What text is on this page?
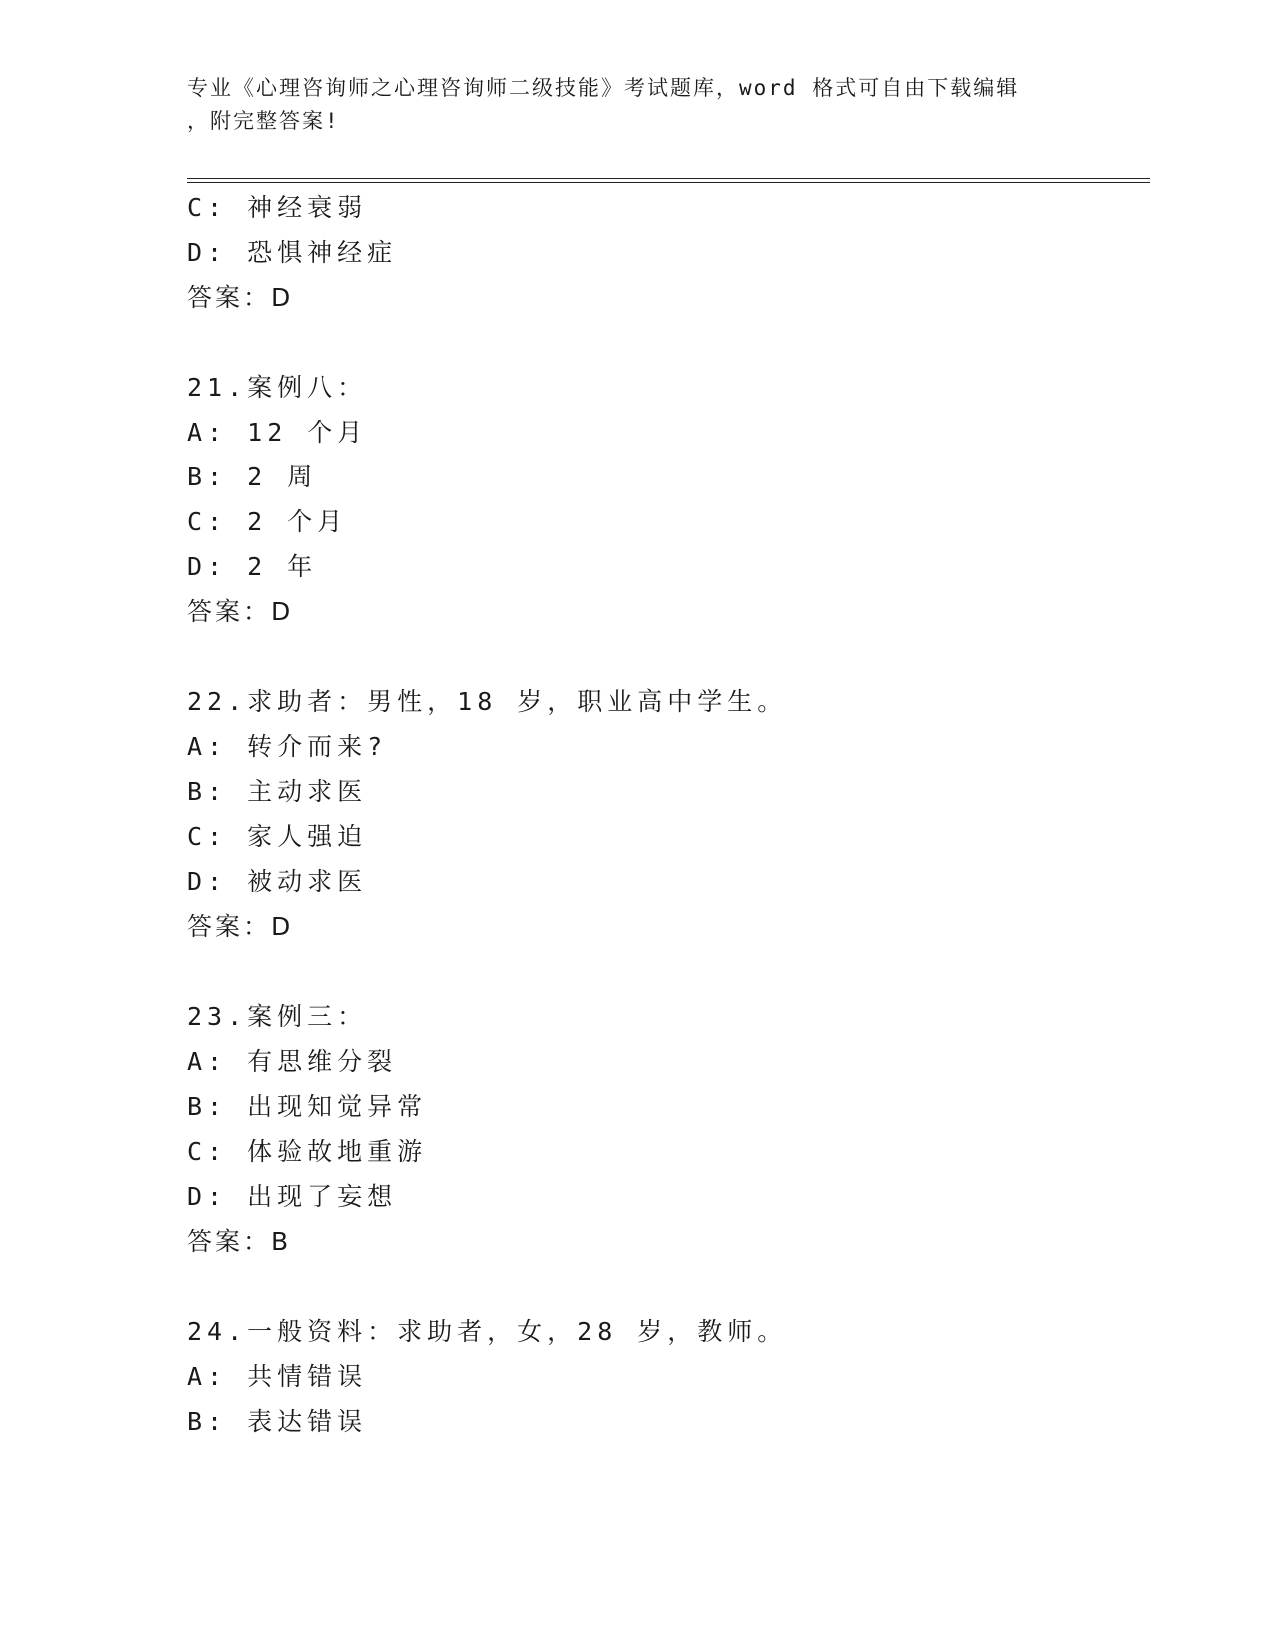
专业《心理咨询师之心理咨询师二级技能》考试题库，word 格式可自由下载编辑
，附完整答案!
C: 神经衰弱
D: 恐惧神经症
答案：D
21.案例八：
A: 12 个月
B: 2 周
C: 2 个月
D: 2 年
答案：D
22.求助者：男性，18 岁，职业高中学生。
A: 转介而来?
B: 主动求医
C: 家人强迫
D: 被动求医
答案：D
23.案例三：
A: 有思维分裂
B: 出现知觉异常
C: 体验故地重游
D: 出现了妄想
答案：B
24.一般资料：求助者，女，28 岁，教师。
A: 共情错误
B: 表达错误
